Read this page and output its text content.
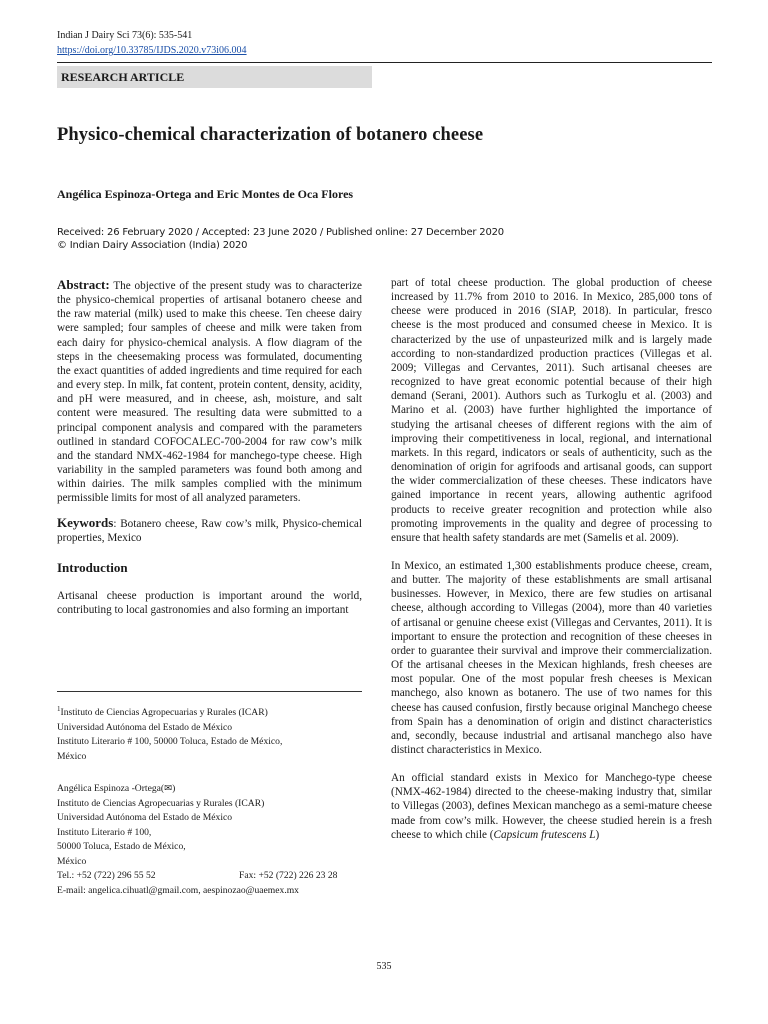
Indian J Dairy Sci 73(6): 535-541
https://doi.org/10.33785/IJDS.2020.v73i06.004
RESEARCH ARTICLE
Physico-chemical characterization of botanero cheese
Angélica Espinoza-Ortega and Eric Montes de Oca Flores
Received: 26 February 2020 / Accepted: 23 June 2020 / Published online: 27 December 2020
© Indian Dairy Association (India) 2020

Abstract: The objective of the present study was to characterize the physico-chemical properties of artisanal botanero cheese and the raw material (milk) used to make this cheese. Ten cheese dairy were sampled; four samples of cheese and milk were taken from each dairy for physico-chemical analysis. A flow diagram of the steps in the cheesemaking process was formulated, documenting the exact quantities of added ingredients and time required for each and every step. In milk, fat content, protein content, density, acidity, and pH were measured, and in cheese, ash, moisture, and salt content were measured. The resulting data were submitted to a principal component analysis and compared with the parameters outlined in standard COFOCALEC-700-2004 for raw cow’s milk and the standard NMX-462-1984 for manchego-type cheese. High variability in the sampled parameters was found both among and within dairies. The milk samples complied with the minimum permissible limits for most of all analyzed parameters.

Keywords: Botanero cheese, Raw cow’s milk, Physico-chemical properties, Mexico

Introduction

Artisanal cheese production is important around the world, contributing to local gastronomies and also forming an important

$^1$Instituto de Ciencias Agropecuarias y Rurales (ICAR)
Universidad Autónoma del Estado de México
Instituto Literario # 100, 50000 Toluca, Estado de México,
México
Angélica Espinoza -Ortega(✉)
Instituto de Ciencias Agropecuarias y Rurales (ICAR)
Universidad Autónoma del Estado de México
Instituto Literario # 100,
50000 Toluca, Estado de México,
México
Tel.: +52 (722) 296 55 52	Fax: +52 (722) 226 23 28
E-mail: angelica.cihuatl@gmail.com, aespinozao@uaemex.mx

part of total cheese production. The global production of cheese increased by 11.7% from 2010 to 2016. In Mexico, 285,000 tons of cheese were produced in 2016 (SIAP, 2018). In particular, fresco cheese is the most produced and consumed cheese in Mexico. It is characterized by the use of unpasteurized milk and is largely made according to non-standardized production practices (Villegas et al. 2009; Villegas and Cervantes, 2011). Such artisanal cheeses are recognized to have great economic potential because of their high demand (Serani, 2001). Authors such as Turkoglu et al. (2003) and Marino et al. (2003) have further highlighted the importance of studying the artisanal cheeses of different regions with the aim of improving their competitiveness in local, regional, and international markets. In this regard, indicators or seals of authenticity, such as the denomination of origin for agrifoods and artisanal goods, can support the wider commercialization of these cheeses. These indicators have gained importance in recent years, allowing authentic agrifood products to receive greater recognition and protection while also promoting improvements in the quality and degree of processing to ensure that health safety standards are met (Samelis et al. 2009).

In Mexico, an estimated 1,300 establishments produce cheese, cream, and butter. The majority of these establishments are small artisanal businesses. However, in Mexico, there are few studies on artisanal cheese, although according to Villegas (2004), more than 40 varieties of artisanal or genuine cheese exist (Villegas and Cervantes, 2011). It is important to ensure the protection and recognition of these cheeses in order to guarantee their survival and improve their commercialization. Of the artisanal cheeses in the Mexican highlands, fresh cheeses are most popular. One of the most popular fresh cheeses is Mexican manchego, also known as botanero. The use of two names for this cheese has caused confusion, firstly because original Manchego cheese from Spain has a denomination of origin and distinct characteristics and, secondly, because industrial and artisanal manchego also have distinct characteristics in Mexico.

An official standard exists in Mexico for Manchego-type cheese (NMX-462-1984) directed to the cheese-making industry that, similar to Villegas (2003), defines Mexican manchego as a semi-mature cheese made from cow’s milk. However, the cheese studied herein is a fresh cheese to which chile (Capsicum frutescens L)

535
